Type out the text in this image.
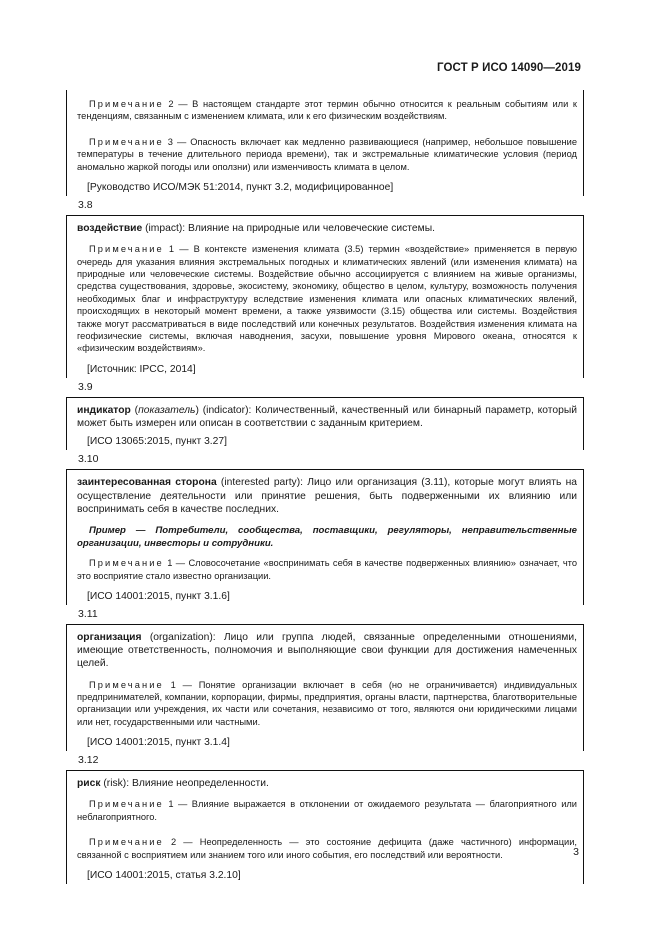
ГОСТ Р ИСО 14090—2019
Примечание 2 — В настоящем стандарте этот термин обычно относится к реальным событиям или к тенденциям, связанным с изменением климата, или к его физическим воздействиям.
Примечание 3 — Опасность включает как медленно развивающиеся (например, небольшое повышение температуры в течение длительного периода времени), так и экстремальные климатические условия (период аномально жаркой погоды или оползни) или изменчивость климата в целом.
[Руководство ИСО/МЭК 51:2014, пункт 3.2, модифицированное]
3.8
воздействие (impact): Влияние на природные или человеческие системы.
Примечание 1 — В контексте изменения климата (3.5) термин «воздействие» применяется в первую очередь для указания влияния экстремальных погодных и климатических явлений (или изменения климата) на природные или человеческие системы. Воздействие обычно ассоциируется с влиянием на живые организмы, средства существования, здоровье, экосистему, экономику, общество в целом, культуру, возможность получения необходимых благ и инфраструктуру вследствие изменения климата или опасных климатических явлений, происходящих в некоторый момент времени, а также уязвимости (3.15) общества или системы. Воздействия также могут рассматриваться в виде последствий или конечных результатов. Воздействия изменения климата на геофизические системы, включая наводнения, засухи, повышение уровня Мирового океана, относятся к «физическим воздействиям».
[Источник: IPCC, 2014]
3.9
индикатор (показатель) (indicator): Количественный, качественный или бинарный параметр, который может быть измерен или описан в соответствии с заданным критерием.
[ИСО 13065:2015, пункт 3.27]
3.10
заинтересованная сторона (interested party): Лицо или организация (3.11), которые могут влиять на осуществление деятельности или принятие решения, быть подверженными их влиянию или воспринимать себя в качестве последних.
Пример — Потребители, сообщества, поставщики, регуляторы, неправительственные организации, инвесторы и сотрудники.
Примечание 1 — Словосочетание «воспринимать себя в качестве подверженных влиянию» означает, что это восприятие стало известно организации.
[ИСО 14001:2015, пункт 3.1.6]
3.11
организация (organization): Лицо или группа людей, связанные определенными отношениями, имеющие ответственность, полномочия и выполняющие свои функции для достижения намеченных целей.
Примечание 1 — Понятие организации включает в себя (но не ограничивается) индивидуальных предпринимателей, компании, корпорации, фирмы, предприятия, органы власти, партнерства, благотворительные организации или учреждения, их части или сочетания, независимо от того, являются они юридическими лицами или нет, государственными или частными.
[ИСО 14001:2015, пункт 3.1.4]
3.12
риск (risk): Влияние неопределенности.
Примечание 1 — Влияние выражается в отклонении от ожидаемого результата — благоприятного или неблагоприятного.
Примечание 2 — Неопределенность — это состояние дефицита (даже частичного) информации, связанной с восприятием или знанием того или иного события, его последствий или вероятности.
[ИСО 14001:2015, статья 3.2.10]
3
